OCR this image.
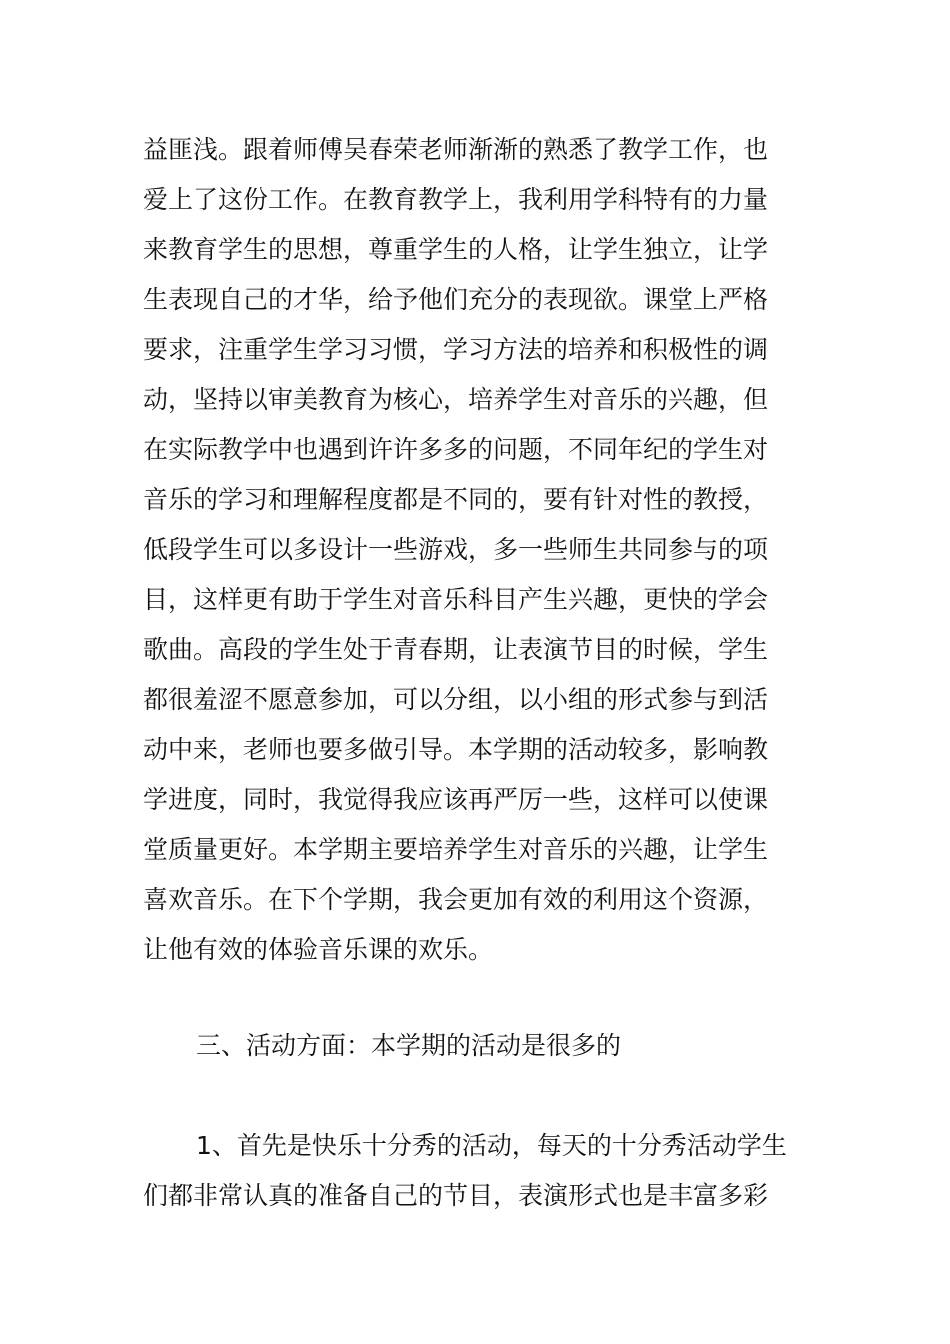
益匪浅。跟着师傅吴春荣老师渐渐的熟悉了教学工作，也
爱上了这份工作。在教育教学上，我利用学科特有的力量
来教育学生的思想，尊重学生的人格，让学生独立，让学
生表现自己的才华，给予他们充分的表现欲。课堂上严格
要求，注重学生学习习惯，学习方法的培养和积极性的调
动，坚持以审美教育为核心，培养学生对音乐的兴趣，但
在实际教学中也遇到许许多多的问题，不同年纪的学生对
音乐的学习和理解程度都是不同的，要有针对性的教授，
低段学生可以多设计一些游戏，多一些师生共同参与的项
目，这样更有助于学生对音乐科目产生兴趣，更快的学会
歌曲。高段的学生处于青春期，让表演节目的时候，学生
都很羞涩不愿意参加，可以分组，以小组的形式参与到活
动中来，老师也要多做引导。本学期的活动较多，影响教
学进度，同时，我觉得我应该再严厉一些，这样可以使课
堂质量更好。本学期主要培养学生对音乐的兴趣，让学生
喜欢音乐。在下个学期，我会更加有效的利用这个资源，
让他有效的体验音乐课的欢乐。
三、活动方面：本学期的活动是很多的
1、首先是快乐十分秀的活动，每天的十分秀活动学生
们都非常认真的准备自己的节目，表演形式也是丰富多彩
